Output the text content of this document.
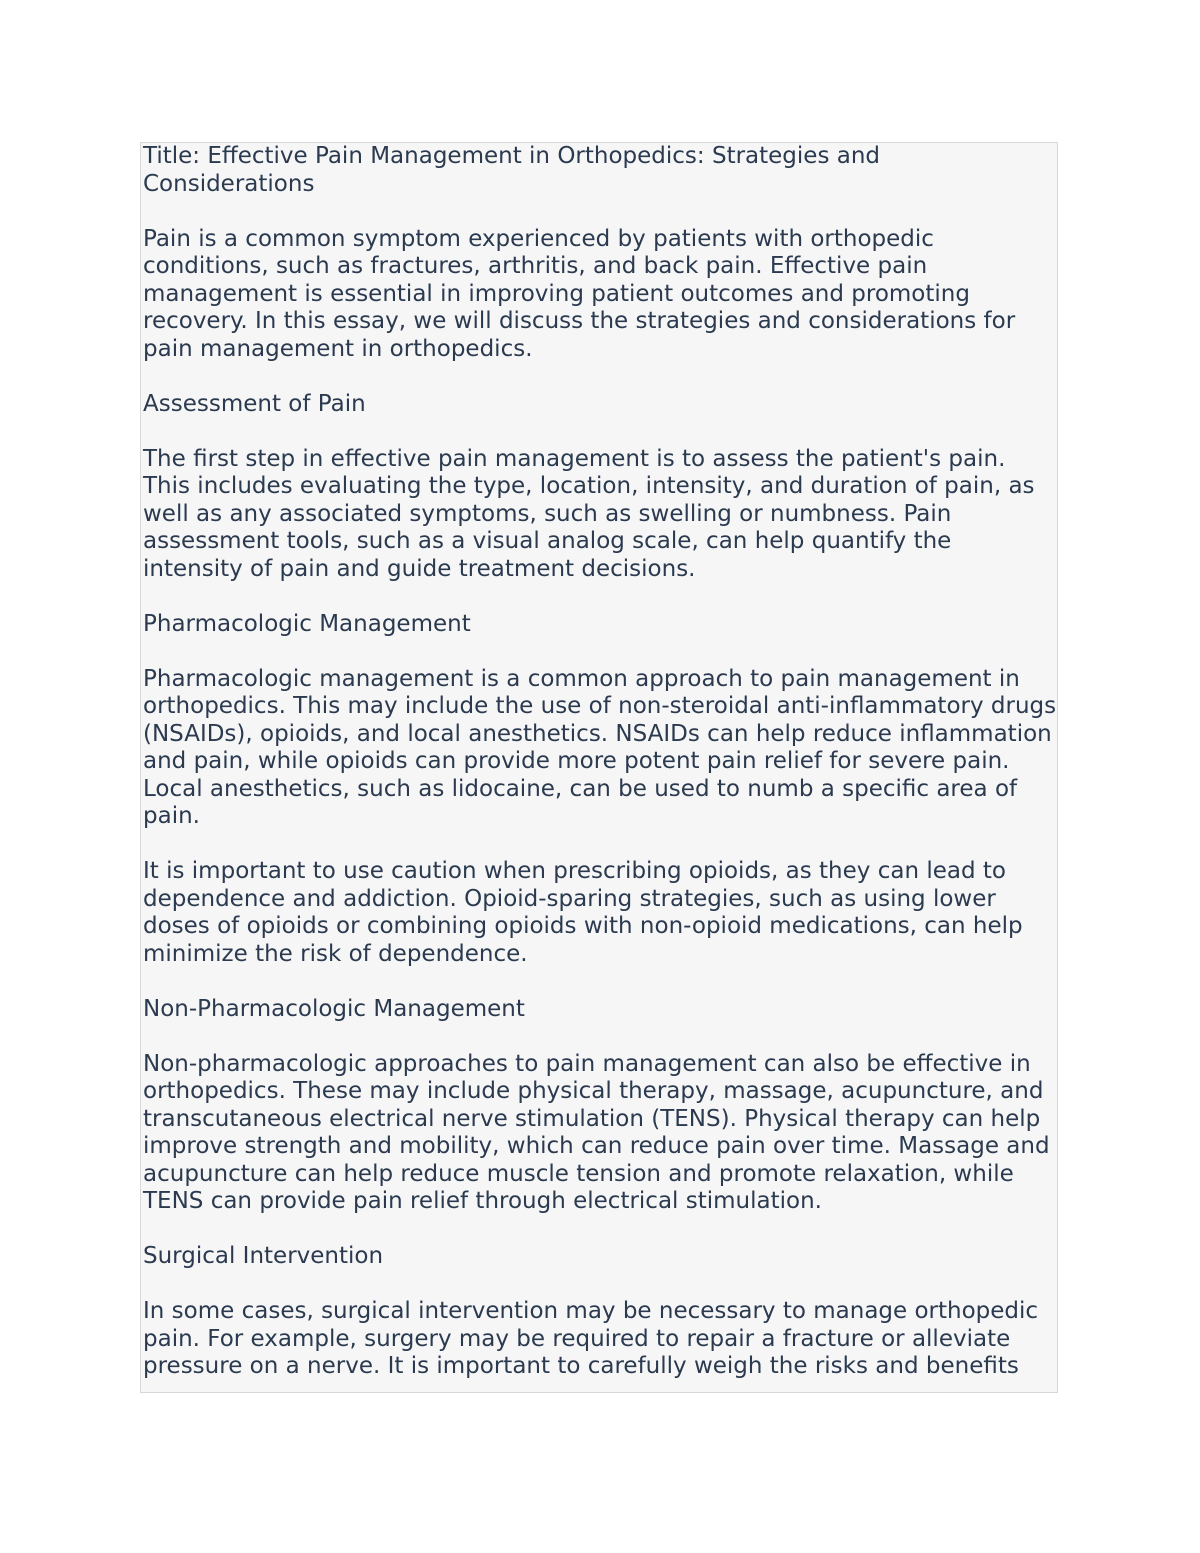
Title: Effective Pain Management in Orthopedics: Strategies and Considerations

Pain is a common symptom experienced by patients with orthopedic conditions, such as fractures, arthritis, and back pain. Effective pain management is essential in improving patient outcomes and promoting recovery. In this essay, we will discuss the strategies and considerations for pain management in orthopedics.

Assessment of Pain

The first step in effective pain management is to assess the patient's pain. This includes evaluating the type, location, intensity, and duration of pain, as well as any associated symptoms, such as swelling or numbness. Pain assessment tools, such as a visual analog scale, can help quantify the intensity of pain and guide treatment decisions.

Pharmacologic Management

Pharmacologic management is a common approach to pain management in orthopedics. This may include the use of non-steroidal anti-inflammatory drugs (NSAIDs), opioids, and local anesthetics. NSAIDs can help reduce inflammation and pain, while opioids can provide more potent pain relief for severe pain. Local anesthetics, such as lidocaine, can be used to numb a specific area of pain.

It is important to use caution when prescribing opioids, as they can lead to dependence and addiction. Opioid-sparing strategies, such as using lower doses of opioids or combining opioids with non-opioid medications, can help minimize the risk of dependence.

Non-Pharmacologic Management

Non-pharmacologic approaches to pain management can also be effective in orthopedics. These may include physical therapy, massage, acupuncture, and transcutaneous electrical nerve stimulation (TENS). Physical therapy can help improve strength and mobility, which can reduce pain over time. Massage and acupuncture can help reduce muscle tension and promote relaxation, while TENS can provide pain relief through electrical stimulation.

Surgical Intervention

In some cases, surgical intervention may be necessary to manage orthopedic pain. For example, surgery may be required to repair a fracture or alleviate pressure on a nerve. It is important to carefully weigh the risks and benefits
